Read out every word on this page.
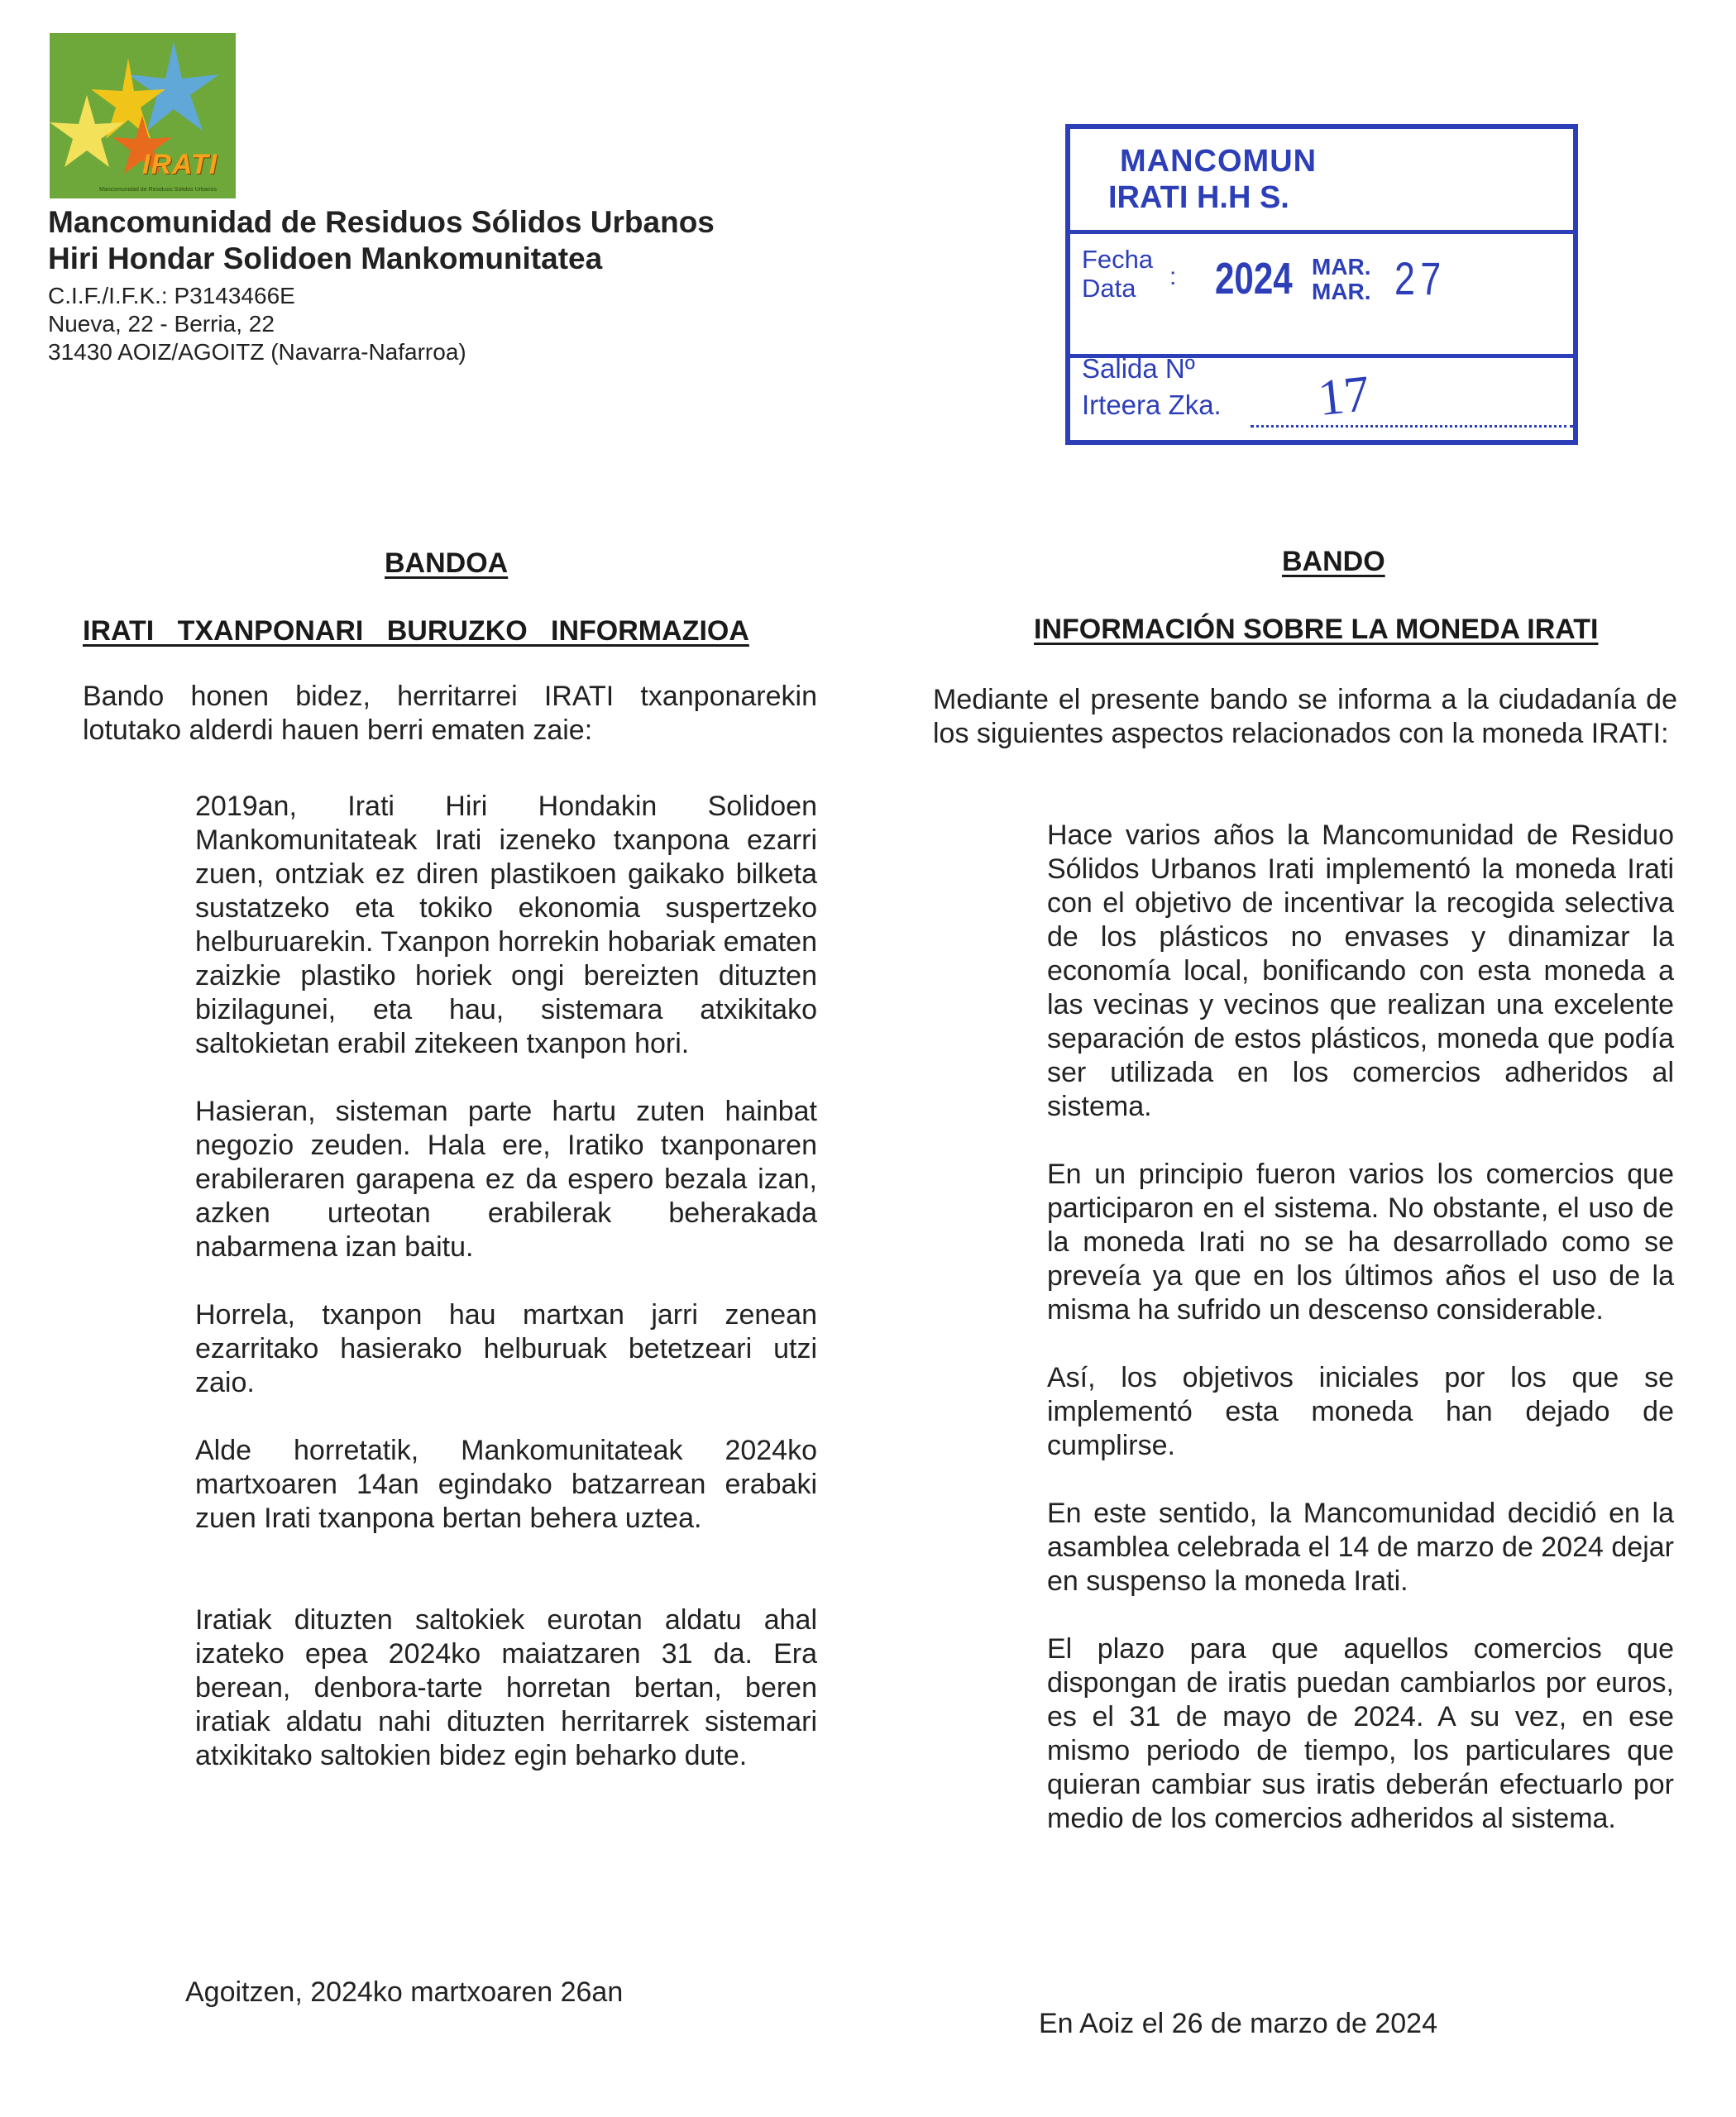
IRATI
Mancomunidad de Residuos Sólidos Urbanos
Mancomunidad de Residuos Sólidos Urbanos
Hiri Hondar Solidoen Mankomunitatea
C.I.F./I.F.K.: P3143466E
Nueva, 22 - Berria, 22
31430 AOIZ/AGOITZ (Navarra-Nafarroa)
MANCOMUN
IRATI H.H S.
Fecha
Data	: 2024 MAR.
MAR. 27
Salida Nº
Irteera Zka. 17
BANDOA
IRATI   TXANPONARI   BURUZKO   INFORMAZIOA

Bando honen bidez, herritarrei IRATI txanponarekin lotutako alderdi hauen berri ematen zaie:

2019an, Irati Hiri Hondakin Solidoen Mankomunitateak Irati izeneko txanpona ezarri zuen, ontziak ez diren plastikoen gaikako bilketa sustatzeko eta tokiko ekonomia suspertzeko helburuarekin. Txanpon horrekin hobariak ematen zaizkie plastiko horiek ongi bereizten dituzten bizilagunei, eta hau, sistemara atxikitako saltokietan erabil zitekeen txanpon hori.

Hasieran, sisteman parte hartu zuten hainbat negozio zeuden. Hala ere, Iratiko txanponaren erabileraren garapena ez da espero bezala izan, azken urteotan erabilerak beherakada nabarmena izan baitu.

Horrela, txanpon hau martxan jarri zenean ezarritako hasierako helburuak betetzeari utzi zaio.

Alde horretatik, Mankomunitateak 2024ko martxoaren 14an egindako batzarrean erabaki zuen Irati txanpona bertan behera uztea.

Iratiak dituzten saltokiek eurotan aldatu ahal izateko epea 2024ko maiatzaren 31 da. Era berean, denbora-tarte horretan bertan, beren iratiak aldatu nahi dituzten herritarrek sistemari atxikitako saltokien bidez egin beharko dute.

Agoitzen, 2024ko martxoaren 26an
BANDO
INFORMACIÓN SOBRE LA MONEDA IRATI

Mediante el presente bando se informa a la ciudadanía de los siguientes aspectos relacionados con la moneda IRATI:

Hace varios años la Mancomunidad de Residuo Sólidos Urbanos Irati implementó la moneda Irati con el objetivo de incentivar la recogida selectiva de los plásticos no envases y dinamizar la economía local, bonificando con esta moneda a las vecinas y vecinos que realizan una excelente separación de estos plásticos, moneda que podía ser utilizada en los comercios adheridos al sistema.

En un principio fueron varios los comercios que participaron en el sistema. No obstante, el uso de la moneda Irati no se ha desarrollado como se preveía ya que en los últimos años el uso de la misma ha sufrido un descenso considerable.

Así, los objetivos iniciales por los que se implementó esta moneda han dejado de cumplirse.

En este sentido, la Mancomunidad decidió en la asamblea celebrada el 14 de marzo de 2024 dejar en suspenso la moneda Irati.

El plazo para que aquellos comercios que dispongan de iratis puedan cambiarlos por euros, es el 31 de mayo de 2024. A su vez, en ese mismo periodo de tiempo, los particulares que quieran cambiar sus iratis deberán efectuarlo por medio de los comercios adheridos al sistema.

En Aoiz el 26 de marzo de 2024
